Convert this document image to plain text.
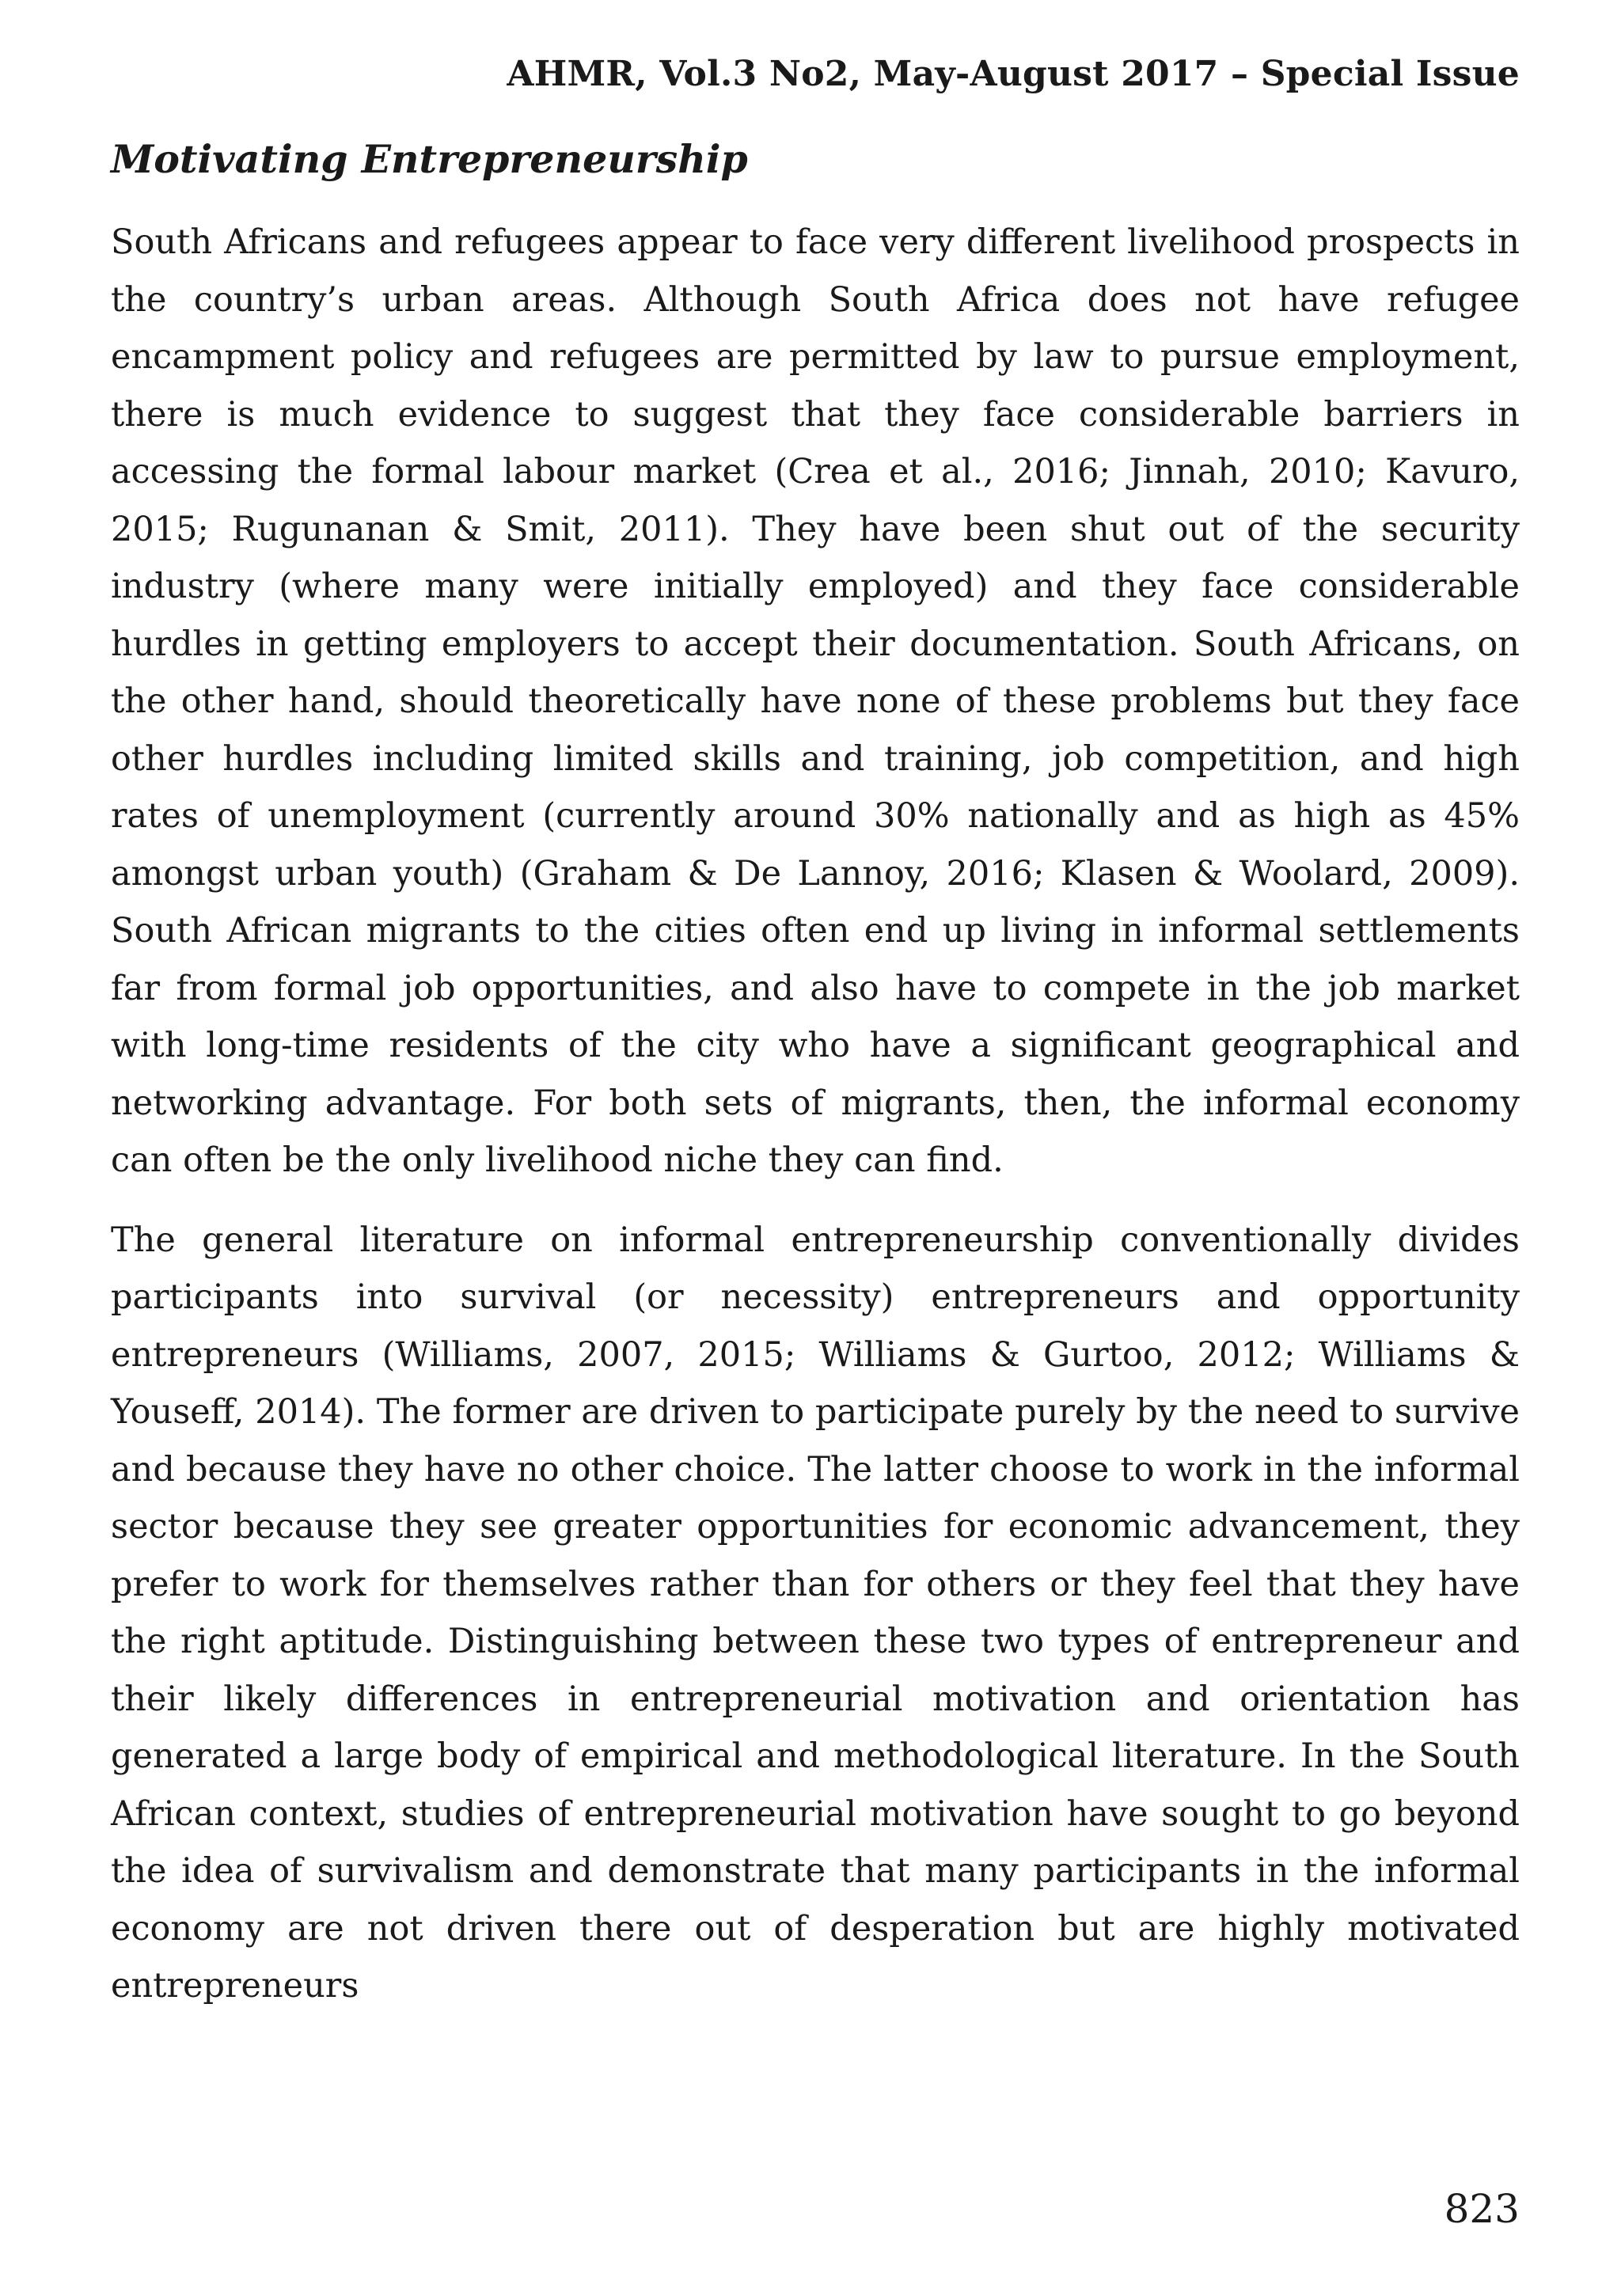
AHMR, Vol.3 No2, May-August 2017 – Special Issue
Motivating Entrepreneurship

South Africans and refugees appear to face very different livelihood prospects in the country’s urban areas. Although South Africa does not have refugee encampment policy and refugees are permitted by law to pursue employment, there is much evidence to suggest that they face considerable barriers in accessing the formal labour market (Crea et al., 2016; Jinnah, 2010; Kavuro, 2015; Rugunanan & Smit, 2011). They have been shut out of the security industry (where many were initially employed) and they face considerable hurdles in getting employers to accept their documentation. South Africans, on the other hand, should theoretically have none of these problems but they face other hurdles including limited skills and training, job competition, and high rates of unemployment (currently around 30% nationally and as high as 45% amongst urban youth) (Graham & De Lannoy, 2016; Klasen & Woolard, 2009). South African migrants to the cities often end up living in informal settlements far from formal job opportunities, and also have to compete in the job market with long-time residents of the city who have a significant geographical and networking advantage. For both sets of migrants, then, the informal economy can often be the only livelihood niche they can find.

The general literature on informal entrepreneurship conventionally divides participants into survival (or necessity) entrepreneurs and opportunity entrepreneurs (Williams, 2007, 2015; Williams & Gurtoo, 2012; Williams & Youseff, 2014). The former are driven to participate purely by the need to survive and because they have no other choice. The latter choose to work in the informal sector because they see greater opportunities for economic advancement, they prefer to work for themselves rather than for others or they feel that they have the right aptitude. Distinguishing between these two types of entrepreneur and their likely differences in entrepreneurial motivation and orientation has generated a large body of empirical and methodological literature. In the South African context, studies of entrepreneurial motivation have sought to go beyond the idea of survivalism and demonstrate that many participants in the informal economy are not driven there out of desperation but are highly motivated entrepreneurs

823
